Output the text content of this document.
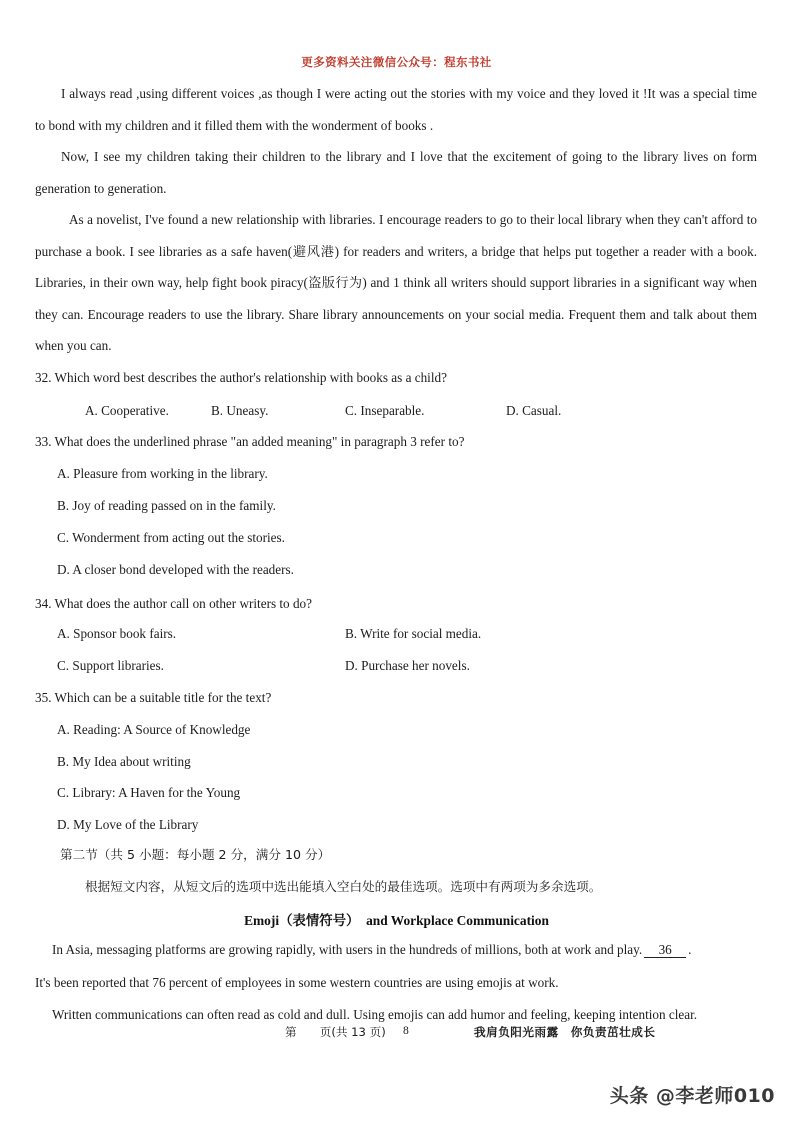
更多资料关注微信公众号：程东书社

I always read ,using different voices ,as though I were acting out the stories with my voice and they loved it !It was a special time to bond with my children and it filled them with the wonderment of books .

Now, I see my children taking their children to the library and I love that the excitement of going to the library lives on form generation to generation.

As a novelist, I've found a new relationship with libraries. I encourage readers to go to their local library when they can't afford to purchase a book. I see libraries as a safe haven(避风港) for readers and writers, a bridge that helps put together a reader with a book. Libraries, in their own way, help fight book piracy(盗版行为) and 1 think all writers should support libraries in a significant way when they can. Encourage readers to use the library. Share library announcements on your social media. Frequent them and talk about them when you can.

32. Which word best describes the author's relationship with books as a child?
A. Cooperative.	B. Uneasy.	C. Inseparable.	D. Casual.
33. What does the underlined phrase "an added meaning" in paragraph 3 refer to?
A. Pleasure from working in the library.
B. Joy of reading passed on in the family.
C. Wonderment from acting out the stories.
D. A closer bond developed with the readers.
34. What does the author call on other writers to do?
A. Sponsor book fairs.	B. Write for social media.
C. Support libraries.	D. Purchase her novels.
35. Which can be a suitable title for the text?
A. Reading: A Source of Knowledge
B. My Idea about writing
C. Library: A Haven for the Young
D. My Love of the Library
第二节（共 5 小题：每小题 2 分，满分 10 分）
根据短文内容，从短文后的选项中选出能填入空白处的最佳选项。选项中有两项为多余选项。
Emoji（表情符号） and Workplace Communication
In Asia, messaging platforms are growing rapidly, with users in the hundreds of millions, both at work and play. 36 .
It's been reported that 76 percent of employees in some western countries are using emojis at work.
Written communications can often read as cold and dull. Using emojis can add humor and feeling, keeping intention clear.
第　　页(共 13 页) 8	我肩负阳光雨露　你负责茁壮成长
头条 @李老师010
